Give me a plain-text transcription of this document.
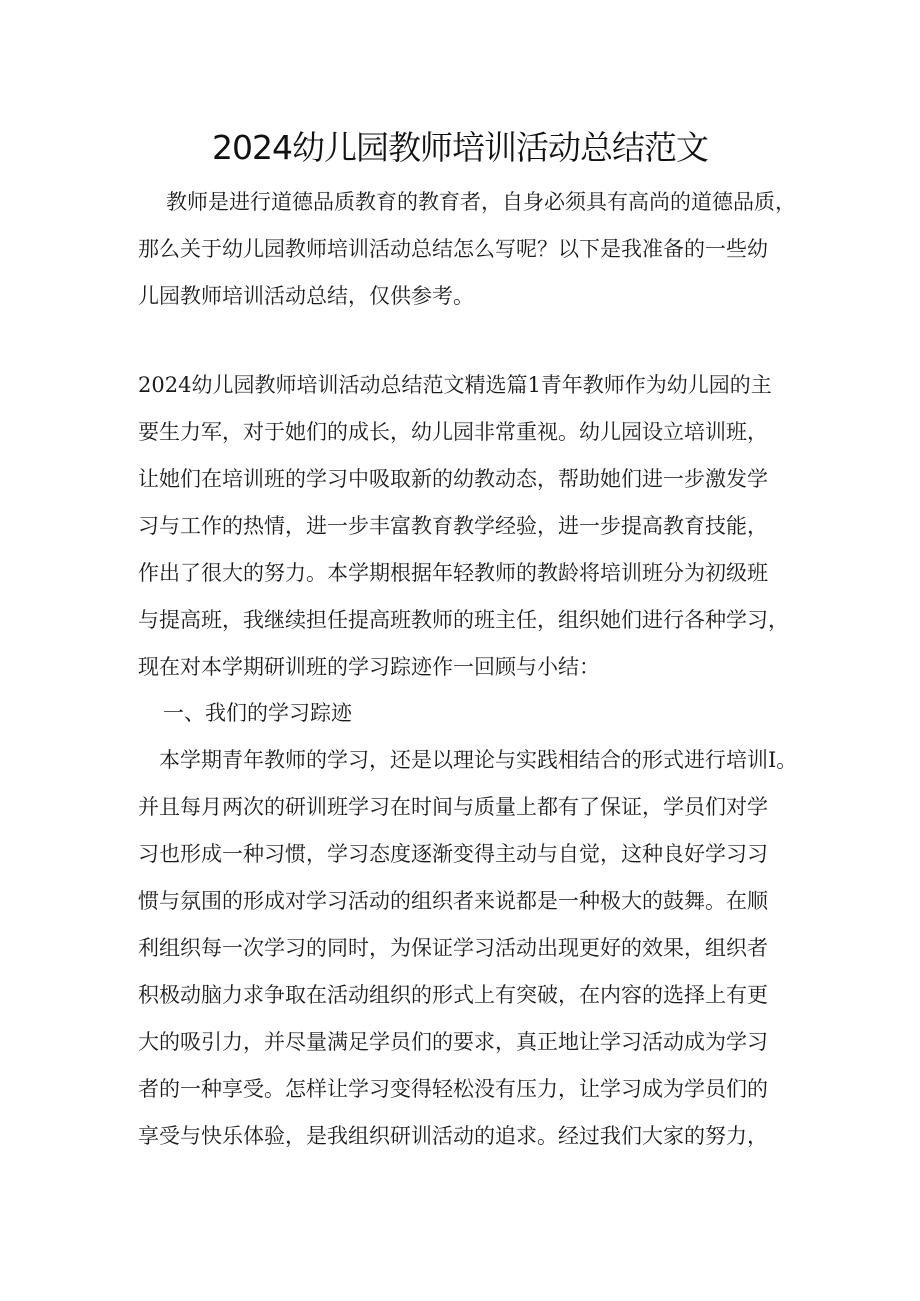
2024幼儿园教师培训活动总结范文

教师是进行道德品质教育的教育者，自身必须具有高尚的道德品质，

那么关于幼儿园教师培训活动总结怎么写呢？以下是我准备的一些幼

儿园教师培训活动总结，仅供参考。

2024幼儿园教师培训活动总结范文精选篇1青年教师作为幼儿园的主

要生力军，对于她们的成长，幼儿园非常重视。幼儿园设立培训班，

让她们在培训班的学习中吸取新的幼教动态，帮助她们进一步激发学

习与工作的热情，进一步丰富教育教学经验，进一步提高教育技能，

作出了很大的努力。本学期根据年轻教师的教龄将培训班分为初级班

与提高班，我继续担任提高班教师的班主任，组织她们进行各种学习，

现在对本学期研训班的学习踪迹作一回顾与小结：

一、我们的学习踪迹

本学期青年教师的学习，还是以理论与实践相结合的形式进行培训I。

并且每月两次的研训班学习在时间与质量上都有了保证，学员们对学

习也形成一种习惯，学习态度逐渐变得主动与自觉，这种良好学习习

惯与氛围的形成对学习活动的组织者来说都是一种极大的鼓舞。在顺

利组织每一次学习的同时，为保证学习活动出现更好的效果，组织者

积极动脑力求争取在活动组织的形式上有突破，在内容的选择上有更

大的吸引力，并尽量满足学员们的要求，真正地让学习活动成为学习

者的一种享受。怎样让学习变得轻松没有压力，让学习成为学员们的

享受与快乐体验，是我组织研训活动的追求。经过我们大家的努力，
